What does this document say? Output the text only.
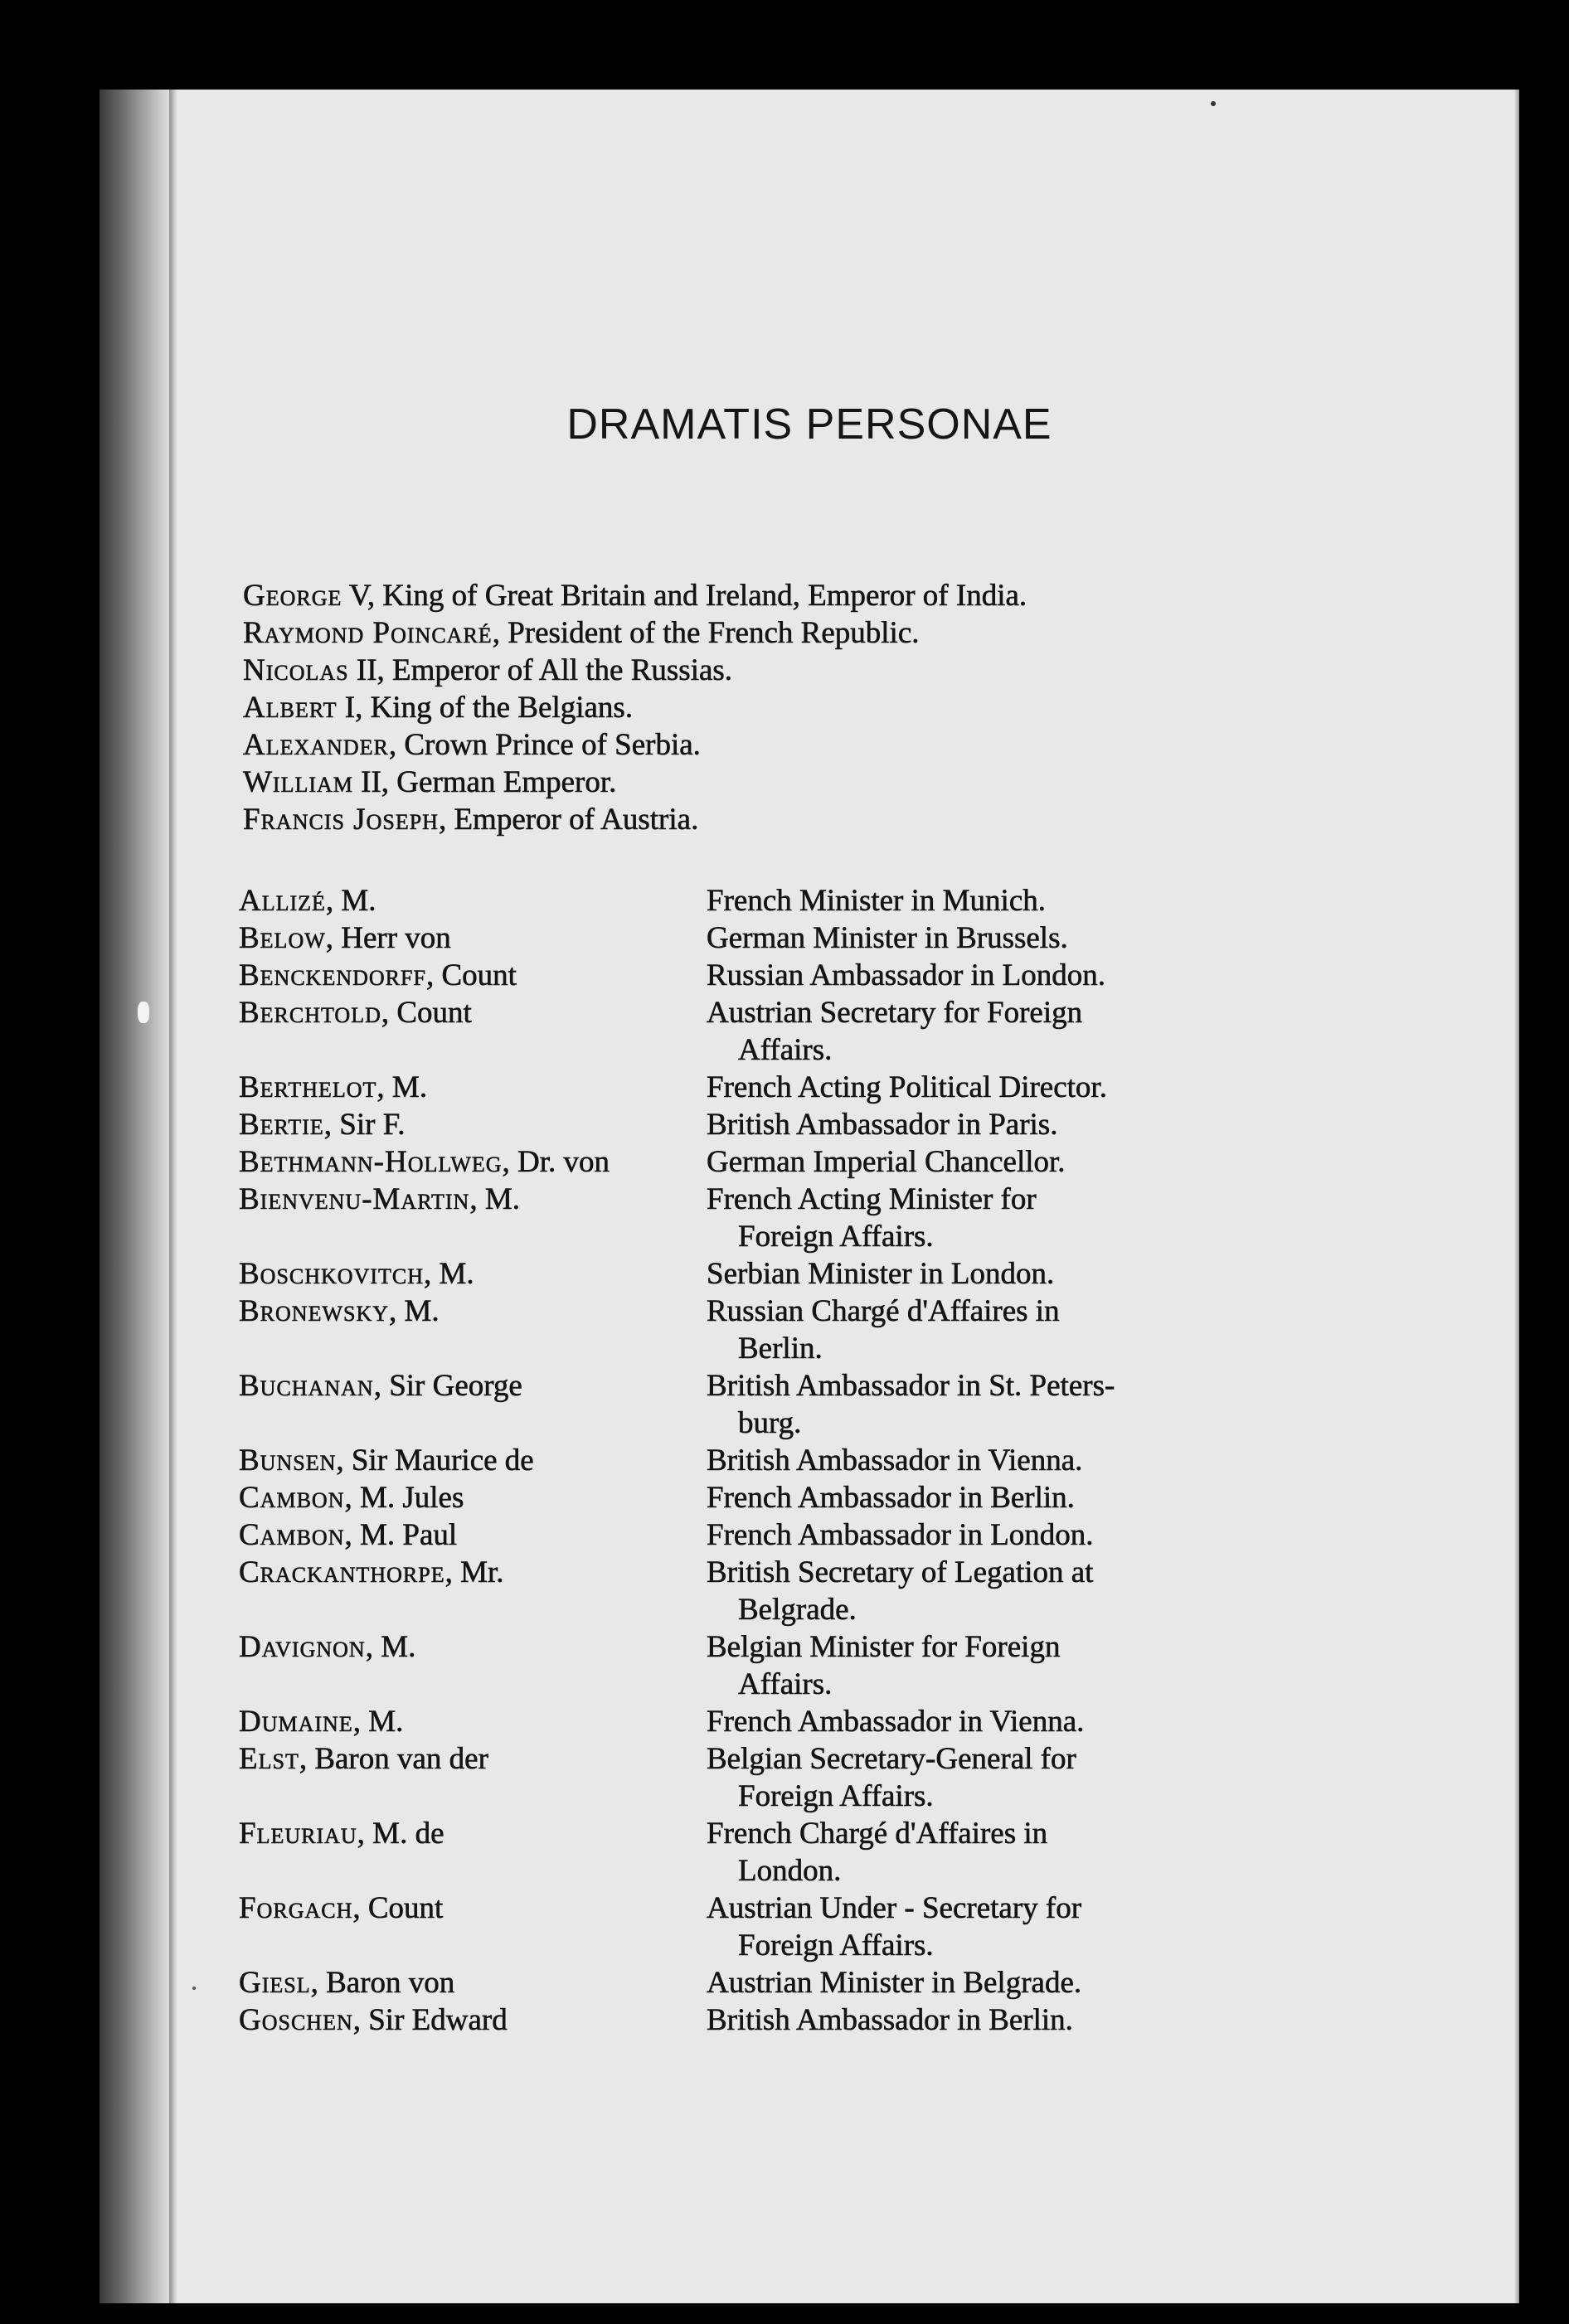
DRAMATIS PERSONAE
George V, King of Great Britain and Ireland, Emperor of India.
Raymond Poincaré, President of the French Republic.
Nicolas II, Emperor of All the Russias.
Albert I, King of the Belgians.
Alexander, Crown Prince of Serbia.
William II, German Emperor.
Francis Joseph, Emperor of Austria.
Allizé, M.	French Minister in Munich.
Below, Herr von	German Minister in Brussels.
Benckendorff, Count	Russian Ambassador in London.
Berchtold, Count	Austrian Secretary for Foreign
Affairs.
Berthelot, M.	French Acting Political Director.
Bertie, Sir F.	British Ambassador in Paris.
Bethmann-Hollweg, Dr. von	German Imperial Chancellor.
Bienvenu-Martin, M.	French Acting Minister for
Foreign Affairs.
Boschkovitch, M.	Serbian Minister in London.
Bronewsky, M.	Russian Chargé d'Affaires in
Berlin.
Buchanan, Sir George	British Ambassador in St. Peters-
burg.
Bunsen, Sir Maurice de	British Ambassador in Vienna.
Cambon, M. Jules	French Ambassador in Berlin.
Cambon, M. Paul	French Ambassador in London.
Crackanthorpe, Mr.	British Secretary of Legation at
Belgrade.
Davignon, M.	Belgian Minister for Foreign
Affairs.
Dumaine, M.	French Ambassador in Vienna.
Elst, Baron van der	Belgian Secretary-General for
Foreign Affairs.
Fleuriau, M. de	French Chargé d'Affaires in
London.
Forgach, Count	Austrian Under - Secretary for
Foreign Affairs.
Giesl, Baron von	Austrian Minister in Belgrade.
Goschen, Sir Edward	British Ambassador in Berlin.
